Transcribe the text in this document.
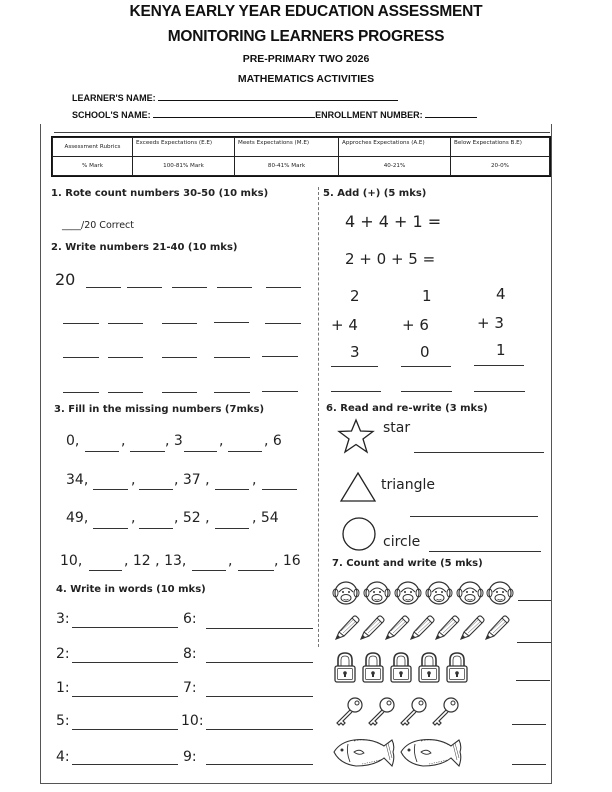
KENYA EARLY YEAR EDUCATION ASSESSMENT
MONITORING LEARNERS PROGRESS
PRE-PRIMARY TWO 2026
MATHEMATICS ACTIVITIES
LEARNER'S NAME:
SCHOOL'S NAME:	ENROLLMENT NUMBER:
Assessment Rubrics	Exceeds Expectations (E.E)	Meets Expectations (M.E)	Approches Expectations (A.E)	Below Expectations B.E)
% Mark	100-81% Mark	80-41% Mark	40-21%	20-0%
1. Rote count numbers 30-50 (10 mks)
____/20 Correct
2. Write numbers 21-40 (10 mks)
20
3. Fill in the missing numbers (7mks)
0,	,	, 3	,	, 6
34,	,	, 37 ,	,
49,	,	, 52 ,	, 54
10,	, 12 , 13,	,	, 16
4. Write in words (10 mks)
3:	6:
2:	8:
1:	7:
5:	10:
4:	9:
5. Add (+) (5 mks)
4 + 4 + 1 =
2 + 0 + 5 =
2
+ 4
3
1
+ 6
0
4
+ 3
1
6. Read and re-write (3 mks)
star
triangle
circle
7. Count and write (5 mks)
